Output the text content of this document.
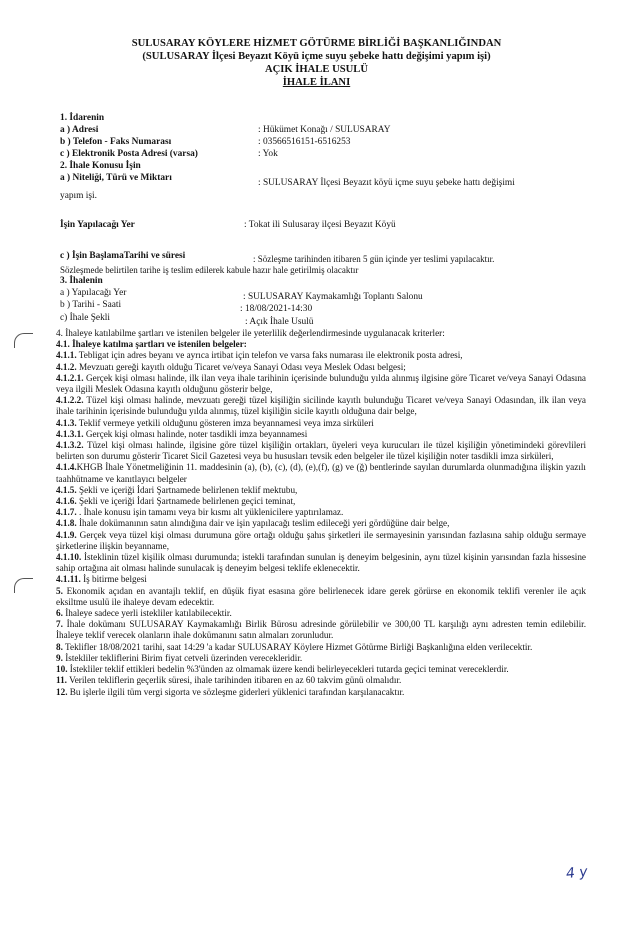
SULUSARAY KÖYLERE HİZMET GÖTÜRME BİRLİĞİ BAŞKANLIĞINDAN
(SULUSARAY İlçesi Beyazıt Köyü içme suyu şebeke hattı değişimi yapım işi)
AÇIK İHALE USULÜ
İHALE İLANI
1. İdarenin
a ) Adresi	: Hükümet Konağı / SULUSARAY
b ) Telefon - Faks Numarası	: 03566516151-6516253
c ) Elektronik Posta Adresi (varsa)	: Yok
2. İhale Konusu İşin
a ) Niteliği, Türü ve Miktarı	: SULUSARAY İlçesi Beyazıt köyü içme suyu şebeke hattı değişimi
yapım işi.
İşin Yapılacağı Yer	: Tokat ili Sulusaray ilçesi Beyazıt Köyü
c ) İşin BaşlamaTarihi ve süresi	: Sözleşme tarihinden itibaren 5 gün içinde yer teslimi yapılacaktır.
Sözleşmede belirtilen tarihe iş teslim edilerek kabule hazır hale getirilmiş olacaktır
3. İhalenin
a ) Yapılacağı Yer	: SULUSARAY Kaymakamlığı Toplantı Salonu
b ) Tarihi - Saati	: 18/08/2021-14:30
c) İhale Şekli	: Açık İhale Usulü
4. İhaleye katılabilme şartları ve istenilen belgeler ile yeterlilik değerlendirmesinde uygulanacak kriterler:
4.1. İhaleye katılma şartları ve istenilen belgeler:
4.1.1. Tebligat için adres beyanı ve ayrıca irtibat için telefon ve varsa faks numarası ile elektronik posta adresi,
4.1.2. Mevzuatı gereği kayıtlı olduğu Ticaret ve/veya Sanayi Odası veya Meslek Odası belgesi;
4.1.2.1. Gerçek kişi olması halinde, ilk ilan veya ihale tarihinin içerisinde bulunduğu yılda alınmış ilgisine göre Ticaret ve/veya Sanayi Odasına veya ilgili Meslek Odasına kayıtlı olduğunu gösterir belge,
4.1.2.2. Tüzel kişi olması halinde, mevzuatı gereği tüzel kişiliğin sicilinde kayıtlı bulunduğu Ticaret ve/veya Sanayi Odasından, ilk ilan veya ihale tarihinin içerisinde bulunduğu yılda alınmış, tüzel kişiliğin sicile kayıtlı olduğuna dair belge,
4.1.3. Teklif vermeye yetkili olduğunu gösteren imza beyannamesi veya imza sirküleri
4.1.3.1. Gerçek kişi olması halinde, noter tasdikli imza beyannamesi
4.1.3.2. Tüzel kişi olması halinde, ilgisine göre tüzel kişiliğin ortakları, üyeleri veya kurucuları ile tüzel kişiliğin yönetimindeki görevlileri belirten son durumu gösterir Ticaret Sicil Gazetesi veya bu hususları tevsik eden belgeler ile tüzel kişiliğin noter tasdikli imza sirküleri,
4.1.4.KHGB İhale Yönetmeliğinin 11. maddesinin (a), (b), (c), (d), (e),(f), (g) ve (ğ) bentlerinde sayılan durumlarda olunmadığına ilişkin yazılı taahhütname ve kanıtlayıcı belgeler
4.1.5. Şekli ve içeriği İdari Şartnamede belirlenen teklif mektubu,
4.1.6. Şekli ve içeriği İdari Şartnamede belirlenen geçici teminat,
4.1.7. . İhale konusu işin tamamı veya bir kısmı alt yüklenicilere yaptırılamaz.
4.1.8. İhale dokümanının satın alındığına dair ve işin yapılacağı teslim edileceği yeri gördüğüne dair belge,
4.1.9. Gerçek veya tüzel kişi olması durumuna göre ortağı olduğu şahıs şirketleri ile sermayesinin yarısından fazlasına sahip olduğu sermaye şirketlerine ilişkin beyanname,
4.1.10. İsteklinin tüzel kişilik olması durumunda; istekli tarafından sunulan iş deneyim belgesinin, aynı tüzel kişinin yarısından fazla hissesine sahip ortağına ait olması halinde sunulacak iş deneyim belgesi teklife eklenecektir.
4.1.11. İş bitirme belgesi
5. Ekonomik açıdan en avantajlı teklif, en düşük fiyat esasına göre belirlenecek idare gerek görürse en ekonomik teklifi verenler ile açık eksiltme usulü ile ihaleye devam edecektir.
6. İhaleye sadece yerli istekliler katılabilecektir.
7. İhale dokümanı SULUSARAY Kaymakamlığı Birlik Bürosu adresinde görülebilir ve 300,00 TL karşılığı aynı adresten temin edilebilir. İhaleye teklif verecek olanların ihale dokümanını satın almaları zorunludur.
8. Teklifler 18/08/2021 tarihi, saat 14:29 'a kadar SULUSARAY Köylere Hizmet Götürme Birliği Başkanlığına elden verilecektir.
9. İstekliler tekliflerini Birim fiyat cetveli üzerinden verecekleridir.
10. İstekliler teklif ettikleri bedelin %3'ünden az olmamak üzere kendi belirleyecekleri tutarda geçici teminat vereceklerdir.
11. Verilen tekliflerin geçerlik süresi, ihale tarihinden itibaren en az 60 takvim günü olmalıdır.
12. Bu işlerle ilgili tüm vergi sigorta ve sözleşme giderleri yüklenici tarafından karşılanacaktır.
4 y
